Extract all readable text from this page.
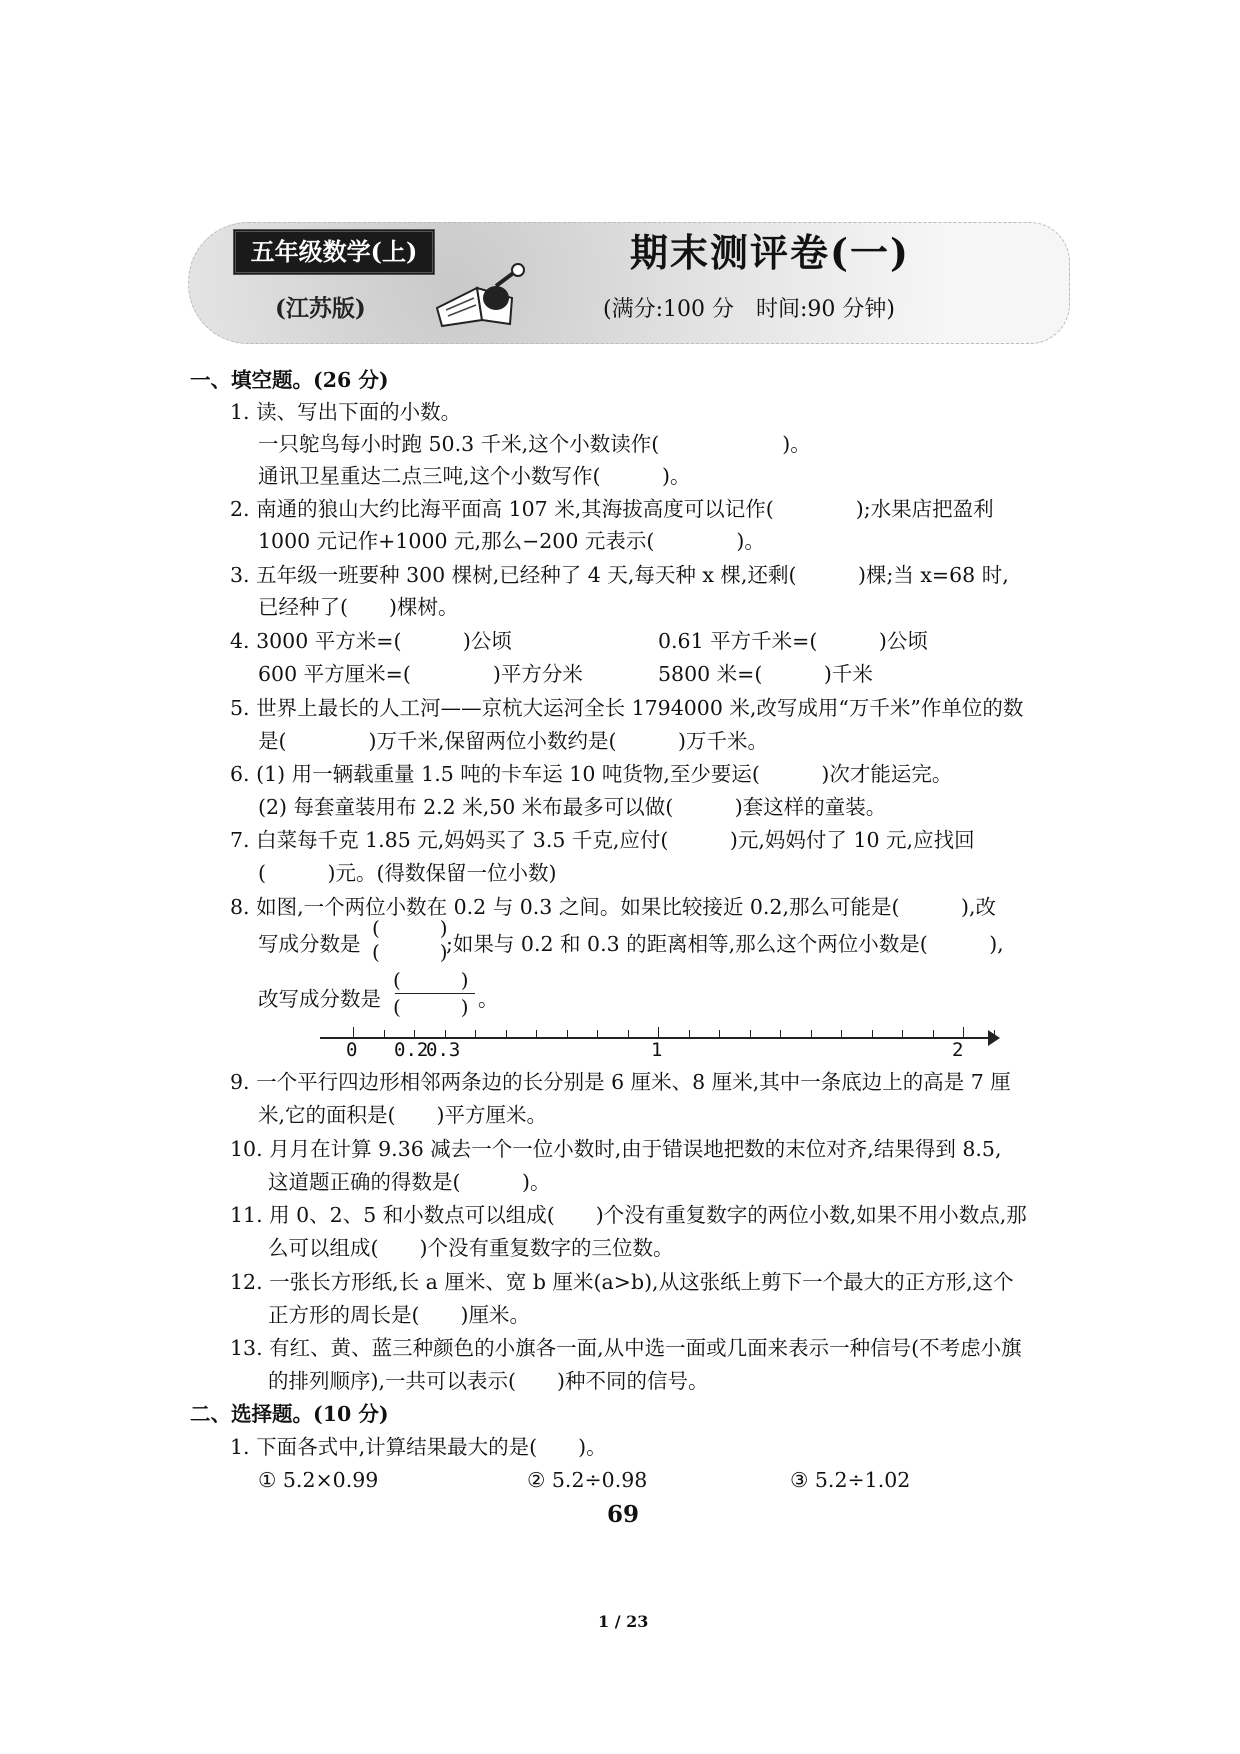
五年级数学(上)
(江苏版)
期末测评卷(一)
(满分:100 分　时间:90 分钟)
一、填空题。(26 分)
1. 读、写出下面的小数。
一只鸵鸟每小时跑 50.3 千米,这个小数读作(　　　　　　)。
通讯卫星重达二点三吨,这个小数写作(　　　)。
2. 南通的狼山大约比海平面高 107 米,其海拔高度可以记作(　　　　);水果店把盈利
1000 元记作+1000 元,那么−200 元表示(　　　　)。
3. 五年级一班要种 300 棵树,已经种了 4 天,每天种 x 棵,还剩(　　　)棵;当 x=68 时,
已经种了(　　)棵树。
4. 3000 平方米=(　　　)公顷	0.61 平方千米=(　　　)公顷
600 平方厘米=(　　　　)平方分米	5800 米=(　　　)千米
5. 世界上最长的人工河——京杭大运河全长 1794000 米,改写成用“万千米”作单位的数
是(　　　　)万千米,保留两位小数约是(　　　)万千米。
6. (1) 用一辆载重量 1.5 吨的卡车运 10 吨货物,至少要运(　　　)次才能运完。
(2) 每套童装用布 2.2 米,50 米布最多可以做(　　　)套这样的童装。
7. 白菜每千克 1.85 元,妈妈买了 3.5 千克,应付(　　　)元,妈妈付了 10 元,应找回
(　　　)元。(得数保留一位小数)
8. 如图,一个两位小数在 0.2 与 0.3 之间。如果比较接近 0.2,那么可能是(　　　),改
写成分数是
(　　　)
(　　　)
;如果与 0.2 和 0.3 的距离相等,那么这个两位小数是(　　　),
改写成分数是
(　　　)
(　　　) 。
0 0.2
0.3	1	2
9. 一个平行四边形相邻两条边的长分别是 6 厘米、8 厘米,其中一条底边上的高是 7 厘
米,它的面积是(　　)平方厘米。
10. 月月在计算 9.36 减去一个一位小数时,由于错误地把数的末位对齐,结果得到 8.5,
这道题正确的得数是(　　　)。
11. 用 0、2、5 和小数点可以组成(　　)个没有重复数字的两位小数,如果不用小数点,那
么可以组成(　　)个没有重复数字的三位数。
12. 一张长方形纸,长 a 厘米、宽 b 厘米(a>b),从这张纸上剪下一个最大的正方形,这个
正方形的周长是(　　)厘米。
13. 有红、黄、蓝三种颜色的小旗各一面,从中选一面或几面来表示一种信号(不考虑小旗
的排列顺序),一共可以表示(　　)种不同的信号。
二、选择题。(10 分)
1. 下面各式中,计算结果最大的是(　　)。
① 5.2×0.99	② 5.2÷0.98	③ 5.2÷1.02
69
1 / 23
